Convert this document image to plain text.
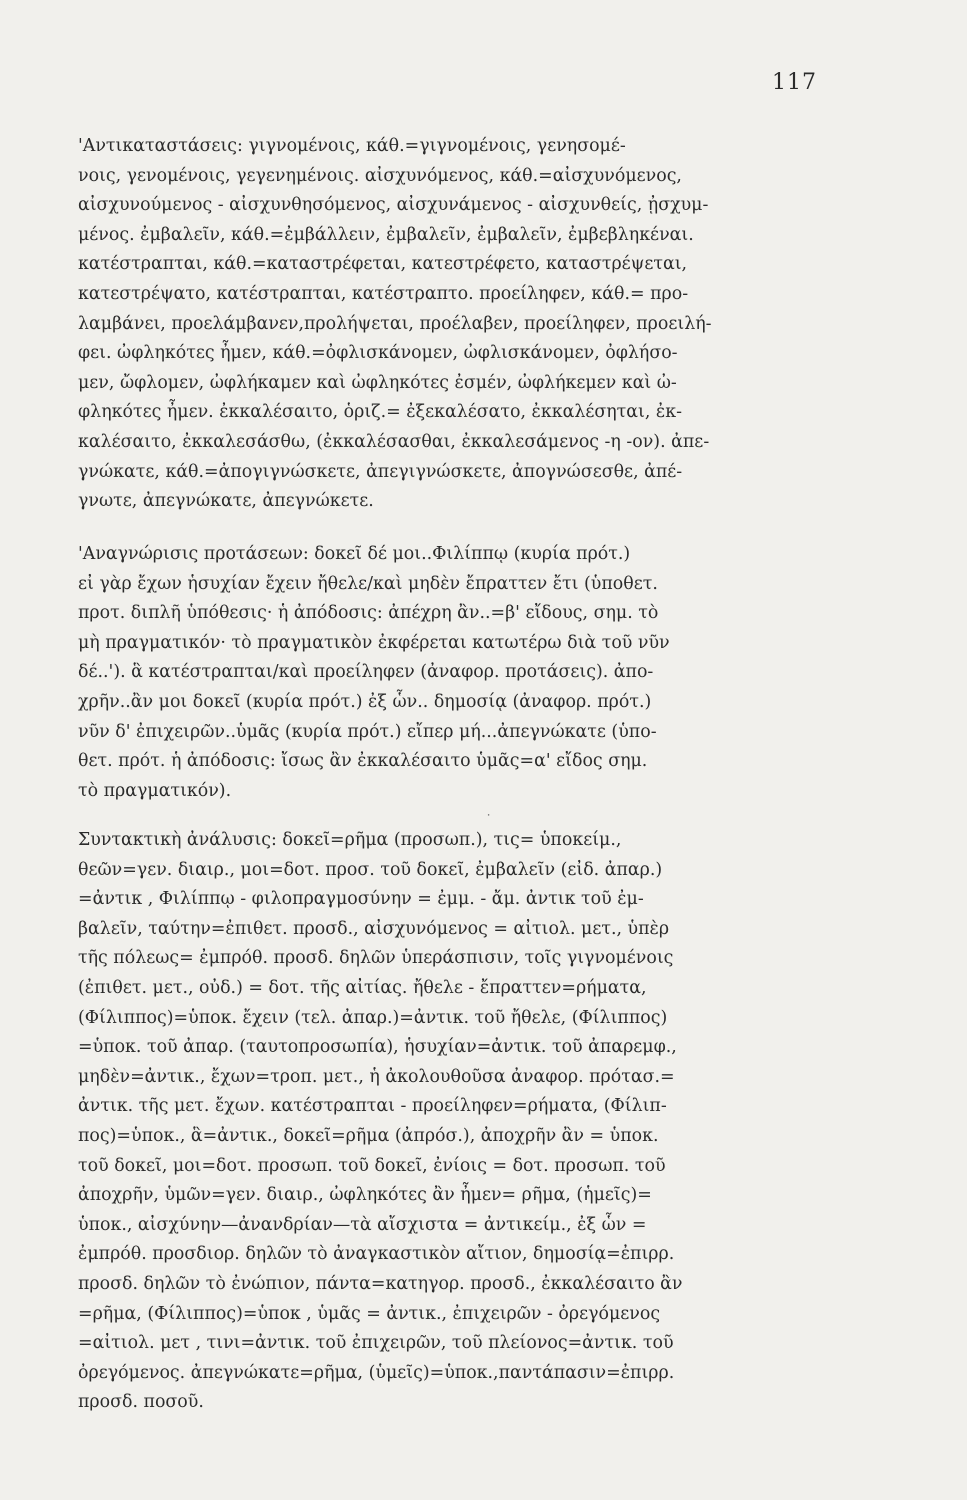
117
'Αντικαταστάσεις: γιγνομένοις, κάθ.=γιγνομένοις, γενησομέ-
νοις, γενομένοις, γεγενημένοις. αἰσχυνόμενος, κάθ.=αἰσχυνόμενος,
αἰσχυνούμενος - αἰσχυνθησόμενος, αἰσχυνάμενος - αἰσχυνθείς, ᾐσχυμ-
μένος. ἐμβαλεῖν, κάθ.=ἐμβάλλειν, ἐμβαλεῖν, ἐμβαλεῖν, ἐμβεβληκέναι.
κατέστραπται, κάθ.=καταστρέφεται, κατεστρέφετο, καταστρέψεται,
κατεστρέψατο, κατέστραπται, κατέστραπτο. προείληφεν, κάθ.= προ-
λαμβάνει, προελάμβανεν,προλήψεται, προέλαβεν, προείληφεν, προειλή-
φει. ὠφληκότες ἦμεν, κάθ.=ὀφλισκάνομεν, ὠφλισκάνομεν, ὀφλήσο-
μεν, ὤφλομεν, ὠφλήκαμεν καὶ ὠφληκότες ἐσμέν, ὠφλήκεμεν καὶ ὠ-
φληκότες ἦμεν. ἐκκαλέσαιτο, ὁριζ.= ἐξεκαλέσατο, ἐκκαλέσηται, ἐκ-
καλέσαιτο, ἐκκαλεσάσθω, (ἐκκαλέσασθαι, ἐκκαλεσάμενος -η -ον). ἀπε-
γνώκατε, κάθ.=ἀπογιγνώσκετε, ἀπεγιγνώσκετε, ἀπογνώσεσθε, ἀπέ-
γνωτε, ἀπεγνώκατε, ἀπεγνώκετε.
'Αναγνώρισις προτάσεων: δοκεῖ δέ μοι..Φιλίππῳ (κυρία πρότ.)
εἰ γὰρ ἔχων ἡσυχίαν ἔχειν ἤθελε/καὶ μηδὲν ἔπραττεν ἔτι (ὑποθετ.
προτ. διπλῆ ὑπόθεσις· ἡ ἀπόδοσις: ἀπέχρη ἂν..=β' εἴδους, σημ. τὸ
μὴ πραγματικόν· τὸ πραγματικὸν ἐκφέρεται κατωτέρω διὰ τοῦ νῦν
δέ..'). ἃ κατέστραπται/καὶ προείληφεν (ἀναφορ. προτάσεις). ἀπο-
χρῆν..ἂν μοι δοκεῖ (κυρία πρότ.) ἐξ ὧν.. δημοσίᾳ (ἀναφορ. πρότ.)
νῦν δ' ἐπιχειρῶν..ὑμᾶς (κυρία πρότ.) εἴπερ μή...ἀπεγνώκατε (ὑπο-
θετ. πρότ. ἡ ἀπόδοσις: ἴσως ἂν ἐκκαλέσαιτο ὑμᾶς=α' εἴδος σημ.
τὸ πραγματικόν).
⸱
Συντακτικὴ ἀνάλυσις: δοκεῖ=ρῆμα (προσωπ.), τις= ὑποκείμ.,
θεῶν=γεν. διαιρ., μοι=δοτ. προσ. τοῦ δοκεῖ, ἐμβαλεῖν (εἰδ. ἀπαρ.)
=ἀντικ , Φιλίππῳ - φιλοπραγμοσύνην = ἐμμ. - ἄμ. ἀντικ τοῦ ἐμ-
βαλεῖν, ταύτην=ἐπιθετ. προσδ., αἰσχυνόμενος = αἰτιολ. μετ., ὑπὲρ
τῆς πόλεως= ἐμπρόθ. προσδ. δηλῶν ὑπεράσπισιν, τοῖς γιγνομένοις
(ἐπιθετ. μετ., οὐδ.) = δοτ. τῆς αἰτίας. ἤθελε - ἔπραττεν=ρήματα,
(Φίλιππος)=ὑποκ. ἔχειν (τελ. ἀπαρ.)=ἀντικ. τοῦ ἤθελε, (Φίλιππος)
=ὑποκ. τοῦ ἀπαρ. (ταυτοπροσωπία), ἡσυχίαν=ἀντικ. τοῦ ἀπαρεμφ.,
μηδὲν=ἀντικ., ἔχων=τροπ. μετ., ἡ ἀκολουθοῦσα ἀναφορ. πρότασ.=
ἀντικ. τῆς μετ. ἔχων. κατέστραπται - προείληφεν=ρήματα, (Φίλιπ-
πος)=ὑποκ., ἃ=ἀντικ., δοκεῖ=ρῆμα (ἀπρόσ.), ἀποχρῆν ἂν = ὑποκ.
τοῦ δοκεῖ, μοι=δοτ. προσωπ. τοῦ δοκεῖ, ἐνίοις = δοτ. προσωπ. τοῦ
ἀποχρῆν, ὑμῶν=γεν. διαιρ., ὠφληκότες ἂν ἦμεν= ρῆμα, (ἡμεῖς)=
ὑποκ., αἰσχύνην—ἀνανδρίαν—τὰ αἴσχιστα = ἀντικείμ., ἐξ ὧν =
ἐμπρόθ. προσδιορ. δηλῶν τὸ ἀναγκαστικὸν αἴτιον, δημοσίᾳ=ἐπιρρ.
προσδ. δηλῶν τὸ ἐνώπιον, πάντα=κατηγορ. προσδ., ἐκκαλέσαιτο ἂν
=ρῆμα, (Φίλιππος)=ὑποκ , ὑμᾶς = ἀντικ., ἐπιχειρῶν - ὀρεγόμενος
=αἰτιολ. μετ , τινι=ἀντικ. τοῦ ἐπιχειρῶν, τοῦ πλείονος=ἀντικ. τοῦ
ὀρεγόμενος. ἀπεγνώκατε=ρῆμα, (ὑμεῖς)=ὑποκ.,παντάπασιν=ἐπιρρ.
προσδ. ποσοῦ.
